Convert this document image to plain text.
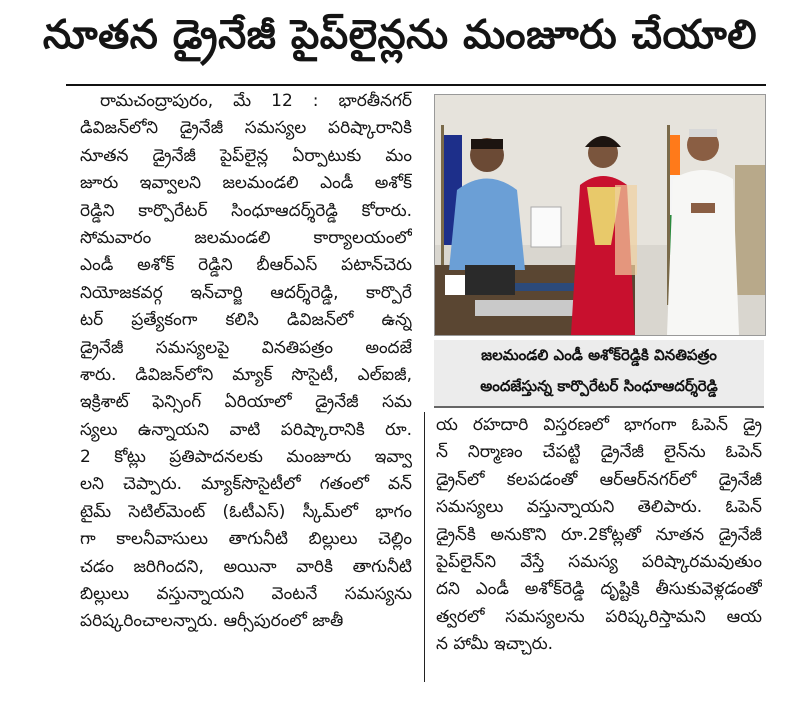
నూతన డ్రైనేజీ పైప్‌లైన్లను మంజూరు చేయాలి
రామచంద్రాపురం, మే 12 : భారతీనగర్
డివిజన్‌లోని డ్రైనేజీ సమస్యల పరిష్కారానికి
నూతన డ్రైనేజీ పైప్‌లైన్ల ఏర్పాటుకు మం
జూరు ఇవ్వాలని జలమండలి ఎండీ అశోక్
రెడ్డిని కార్పొరేటర్ సింధూఆదర్శ్‌రెడ్డి కోరారు.
సోమవారం జలమండలి కార్యాలయంలో
ఎండీ అశోక్ రెడ్డిని బీఆర్ఎస్ పటాన్‌చెరు
నియోజకవర్గ ఇన్‌చార్జి ఆదర్శ్‌రెడ్డి, కార్పొరే
టర్ ప్రత్యేకంగా కలిసి డివిజన్‌లో ఉన్న
డ్రైనేజీ సమస్యలపై వినతిపత్రం అందజే
శారు. డివిజన్‌లోని మ్యాక్ సొసైటీ, ఎల్ఐజీ,
ఇక్రిశాట్ ఫెన్సింగ్ ఏరియాలో డ్రైనేజీ సమ
స్యలు ఉన్నాయని వాటి పరిష్కారానికి రూ.
2 కోట్లు ప్రతిపాదనలకు మంజూరు ఇవ్వా
లని చెప్పారు. మ్యాక్‌సొసైటీలో గతంలో వన్
టైమ్ సెటిల్‌మెంట్ (ఓటీఎస్) స్కీమ్‌లో భాగం
గా కాలనీవాసులు తాగునీటి బిల్లులు చెల్లిం
చడం జరిగిందని, అయినా వారికి తాగునీటి
బిల్లులు వస్తున్నాయని వెంటనే సమస్యను
పరిష్కరించాలన్నారు. ఆర్సీపురంలో జాతీ
జలమండలి ఎండీ అశోక్‌రెడ్డికి వినతిపత్రం
అందజేస్తున్న కార్పొరేటర్ సింధూఆదర్శ్‌రెడ్డి
య రహదారి విస్తరణలో భాగంగా ఓపెన్ డ్రై
న్ నిర్మాణం చేపట్టి డ్రైనేజీ లైన్‌ను ఓపెన్
డ్రైన్‌లో కలపడంతో ఆర్ఆర్‌నగర్‌లో డ్రైనేజీ
సమస్యలు వస్తున్నాయని తెలిపారు. ఓపెన్
డ్రైన్‌కి అనుకొని రూ.2కోట్లతో నూతన డ్రైనేజీ
పైప్‌లైన్‌ని వేస్తే సమస్య పరిష్కారమవుతుం
దని ఎండీ అశోక్‌రెడ్డి దృష్టికి తీసుకువెళ్లడంతో
త్వరలో సమస్యలను పరిష్కరిస్తామని ఆయ
న హామీ ఇచ్చారు.
